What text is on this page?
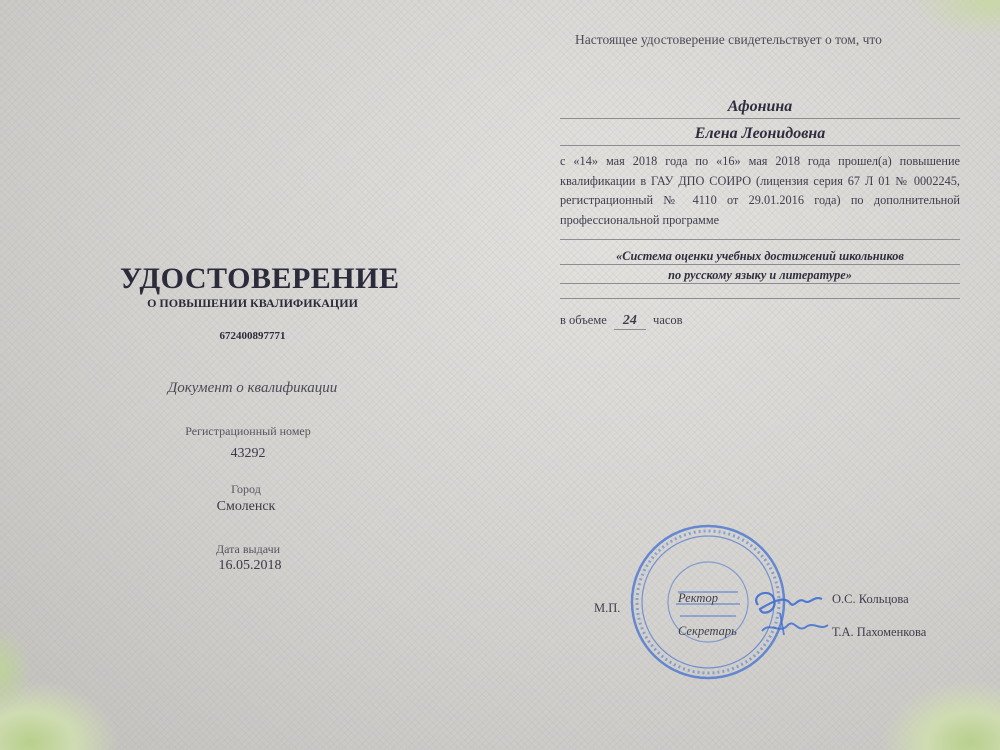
УДОСТОВЕРЕНИЕ
О ПОВЫШЕНИИ КВАЛИФИКАЦИИ
672400897771
Документ о квалификации
Регистрационный номер
43292
Город
Смоленск
Дата выдачи
16.05.2018
Настоящее удостоверение свидетельствует о том, что
Афонина
Елена Леонидовна
с «14» мая 2018 года по «16» мая 2018 года прошел(а) повышение квалификации в ГАУ ДПО СОИРО (лицензия серия 67 Л 01 № 0002245, регистрационный № 4110 от 29.01.2016 года) по дополнительной профессиональной программе
«Система оценки учебных достижений школьников
по русскому языку и литературе»
в объеме 24 часов
М.П.
Ректор	О.С. Кольцова
Секретарь	Т.А. Пахоменкова
